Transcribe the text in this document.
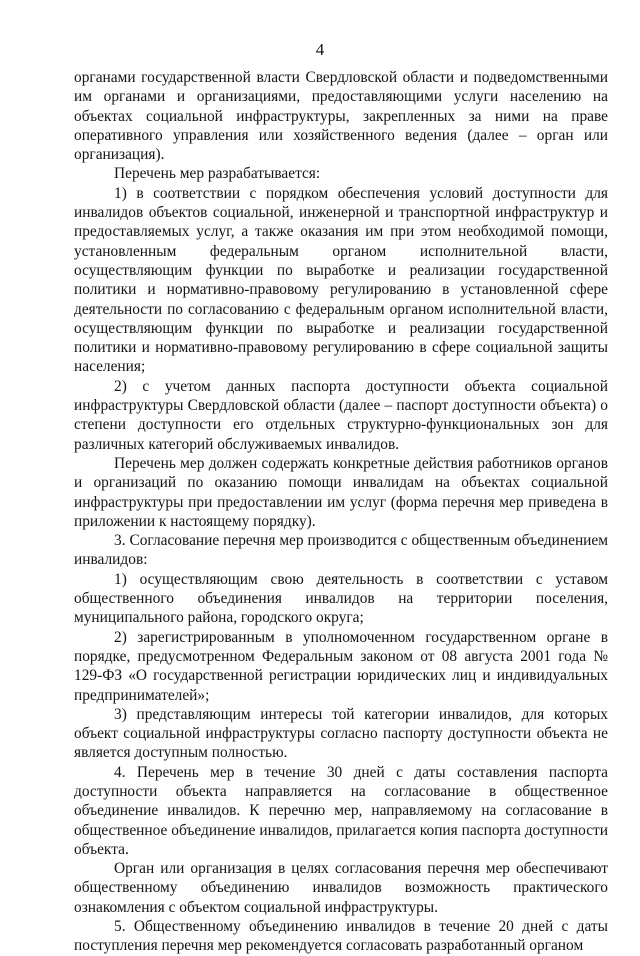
4

органами государственной власти Свердловской области и подведомственными им органами и организациями, предоставляющими услуги населению на объектах социальной инфраструктуры, закрепленных за ними на праве оперативного управления или хозяйственного ведения (далее – орган или организация).

Перечень мер разрабатывается:

1) в соответствии с порядком обеспечения условий доступности для инвалидов объектов социальной, инженерной и транспортной инфраструктур и предоставляемых услуг, а также оказания им при этом необходимой помощи, установленным федеральным органом исполнительной власти, осуществляющим функции по выработке и реализации государственной политики и нормативно-правовому регулированию в установленной сфере деятельности по согласованию с федеральным органом исполнительной власти, осуществляющим функции по выработке и реализации государственной политики и нормативно-правовому регулированию в сфере социальной защиты населения;

2) с учетом данных паспорта доступности объекта социальной инфраструктуры Свердловской области (далее – паспорт доступности объекта) о степени доступности его отдельных структурно-функциональных зон для различных категорий обслуживаемых инвалидов.

Перечень мер должен содержать конкретные действия работников органов и организаций по оказанию помощи инвалидам на объектах социальной инфраструктуры при предоставлении им услуг (форма перечня мер приведена в приложении к настоящему порядку).

3. Согласование перечня мер производится с общественным объединением инвалидов:

1) осуществляющим свою деятельность в соответствии с уставом общественного объединения инвалидов на территории поселения, муниципального района, городского округа;

2) зарегистрированным в уполномоченном государственном органе в порядке, предусмотренном Федеральным законом от 08 августа 2001 года № 129-ФЗ «О государственной регистрации юридических лиц и индивидуальных предпринимателей»;

3) представляющим интересы той категории инвалидов, для которых объект социальной инфраструктуры согласно паспорту доступности объекта не является доступным полностью.

4. Перечень мер в течение 30 дней с даты составления паспорта доступности объекта направляется на согласование в общественное объединение инвалидов. К перечню мер, направляемому на согласование в общественное объединение инвалидов, прилагается копия паспорта доступности объекта.

Орган или организация в целях согласования перечня мер обеспечивают общественному объединению инвалидов возможность практического ознакомления с объектом социальной инфраструктуры.

5. Общественному объединению инвалидов в течение 20 дней с даты поступления перечня мер рекомендуется согласовать разработанный органом
